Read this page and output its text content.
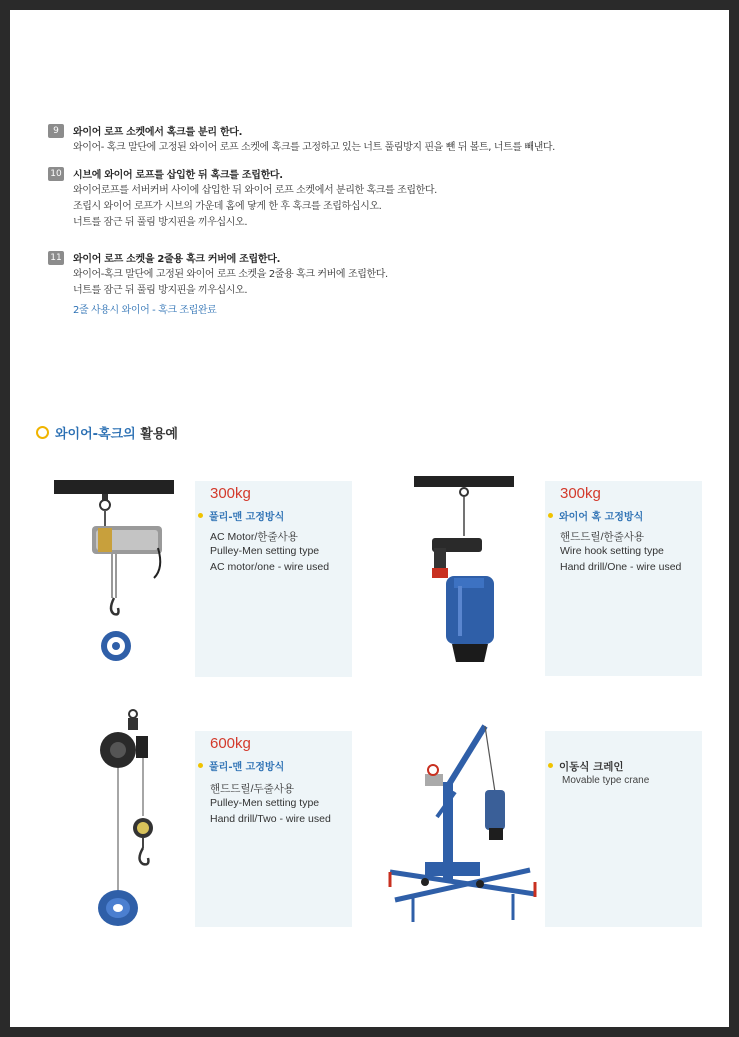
9	와이어 로프 소켓에서 혹크를 분리 한다.
와이어- 혹크 말단에 고정된 와이어 로프 소켓에 혹크를 고정하고 있는 너트 풀림방지 핀을 뺀 뒤 볼트, 너트를 빼낸다.
10 시브에 와이어 로프를 삽입한 뒤 혹크를 조립한다.
와이어로프를 서버커버 사이에 삽입한 뒤 와이어 로프 소켓에서 분리한 혹크를 조립한다.
조립시 와이어 로프가 시브의 가운데 홈에 닿게 한 후 혹크를 조립하십시오.
너트를 잠근 뒤 풀림 방지핀을 끼우십시오.
11 와이어 로프 소켓을 2줄용 혹크 커버에 조립한다.
와이어-혹크 말단에 고정된 와이어 로프 소켓을 2줄용 혹크 커버에 조립한다.
너트를 잠근 뒤 풀림 방지핀을 끼우십시오.
2줄 사용시 와이어 - 혹크 조립완료
와이어-혹크의 활용예
300kg
풀리-맨 고정방식
AC Motor/한줄사용
Pulley-Men setting type
AC motor/one - wire used
300kg
와이어 혹 고정방식
핸드드릴/한줄사용
Wire hook setting type
Hand drill/One - wire used
600kg
풀리-맨 고정방식
핸드드릴/두줄사용
Pulley-Men setting type
Hand drill/Two - wire used
이동식 크레인
Movable type crane
